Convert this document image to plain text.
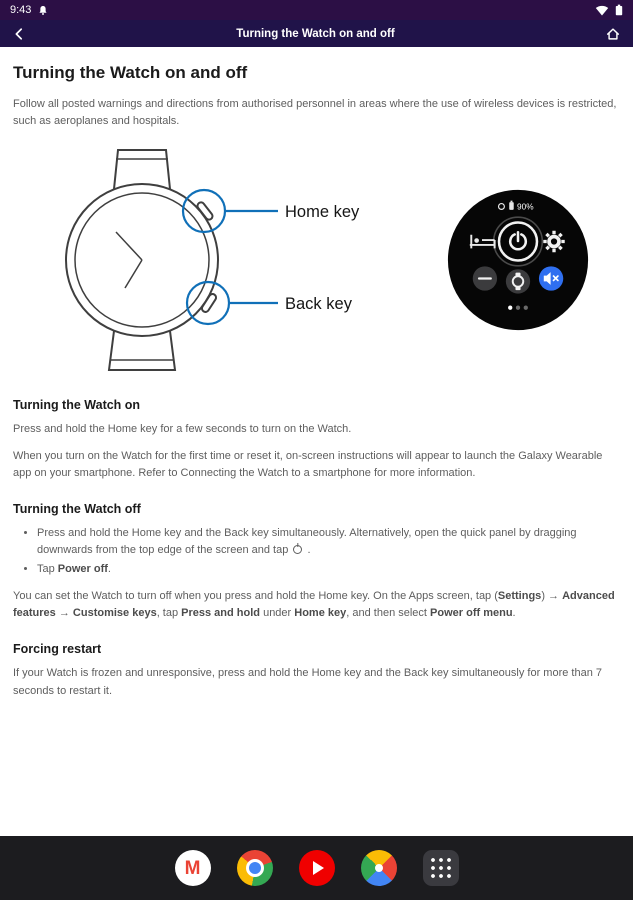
9:43
Turning the Watch on and off
Turning the Watch on and off

Follow all posted warnings and directions from authorised personnel in areas where the use of wireless devices is restricted, such as aeroplanes and hospitals.

Home key
Back key
90%
Turning the Watch on

Press and hold the Home key for a few seconds to turn on the Watch.

When you turn on the Watch for the first time or reset it, on-screen instructions will appear to launch the Galaxy Wearable app on your smartphone. Refer to Connecting the Watch to a smartphone for more information.

Turning the Watch off
• Press and hold the Home key and the Back key simultaneously. Alternatively, open the quick panel by dragging downwards from the top edge of the screen and tap  .
• Tap Power off.

You can set the Watch to turn off when you press and hold the Home key. On the Apps screen, tap (Settings) → Advanced features → Customise keys, tap Press and hold under Home key, and then select Power off menu.

Forcing restart

If your Watch is frozen and unresponsive, press and hold the Home key and the Back key simultaneously for more than 7 seconds to restart it.

M
